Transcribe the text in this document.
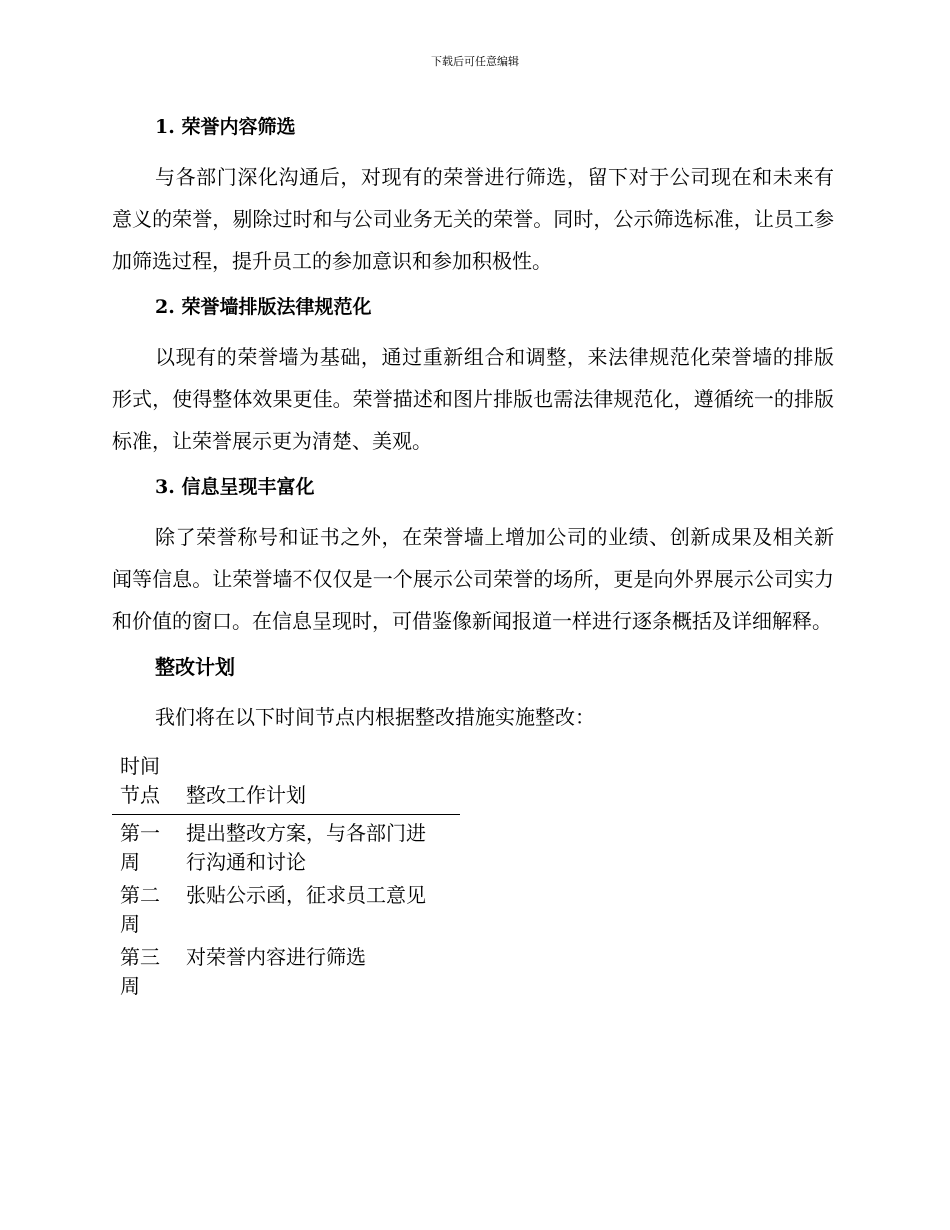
下载后可任意编辑
1. 荣誉内容筛选

与各部门深化沟通后，对现有的荣誉进行筛选，留下对于公司现在和未来有意义的荣誉，剔除过时和与公司业务无关的荣誉。同时，公示筛选标准，让员工参加筛选过程，提升员工的参加意识和参加积极性。

2. 荣誉墙排版法律规范化

以现有的荣誉墙为基础，通过重新组合和调整，来法律规范化荣誉墙的排版形式，使得整体效果更佳。荣誉描述和图片排版也需法律规范化，遵循统一的排版标准，让荣誉展示更为清楚、美观。

3. 信息呈现丰富化

除了荣誉称号和证书之外，在荣誉墙上增加公司的业绩、创新成果及相关新闻等信息。让荣誉墙不仅仅是一个展示公司荣誉的场所，更是向外界展示公司实力和价值的窗口。在信息呈现时，可借鉴像新闻报道一样进行逐条概括及详细解释。

整改计划
我们将在以下时间节点内根据整改措施实施整改：
时间节点	整改工作计划
第一周	提出整改方案，与各部门进行沟通和讨论
第二周	张贴公示函，征求员工意见
第三周	对荣誉内容进行筛选
